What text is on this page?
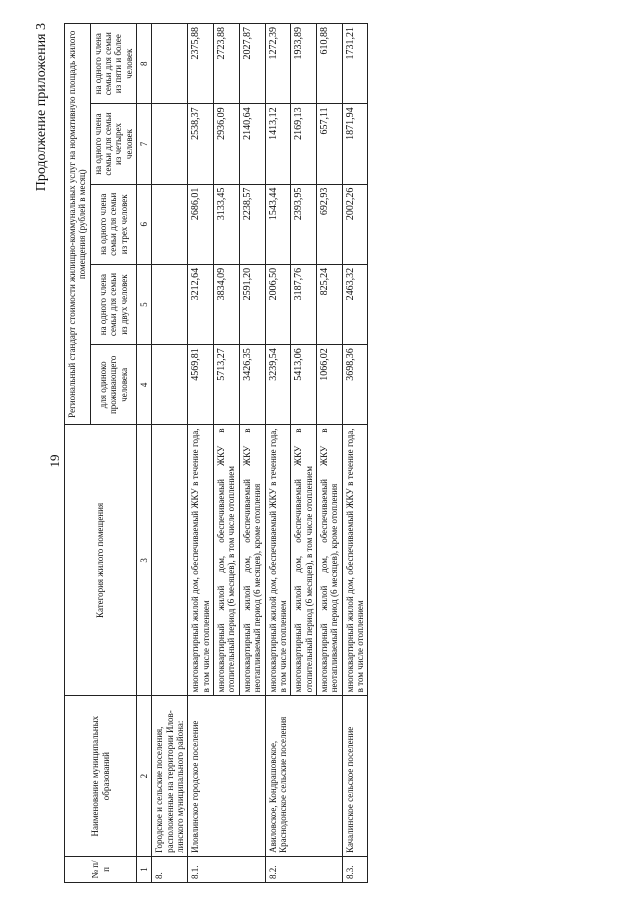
19
Продолжение приложения 3
№ п/п	Наименование муниципальных образований	Категория жилого помещения	Региональный стандарт стоимости жилищно-коммунальных услуг на нормативную площадь жилого помещения (рублей в месяц)				
			для одиноко проживающего человека	на одного члена семьи для семьи из двух человек	на одного члена семьи для семьи из трех человек	на одного члена семьи для семьи из четырех человек	на одного члена семьи для семьи из пяти и более человек
1	2	3	4	5	6	7	8
8.	Городское и сельские поселения, расположенные на территории Илов-линского муниципального района:						
8.1.	Иловлинское городское поселение	многоквартирный жилой дом, обеспечиваемый ЖКУ в течение года, в том числе отоплением	4569,81	3212,64	2686,01	2538,37	2375,88
		многоквартирный жилой дом, обеспечиваемый ЖКУ в отопительный период (6 месяцев), в том числе отоплением	5713,27	3834,09	3133,45	2936,09	2723,88
		многоквартирный жилой дом, обеспечиваемый ЖКУ в неотапливаемый период (6 месяцев), кроме отопления	3426,35	2591,20	2238,57	2140,64	2027,87
8.2.	Авиловское, Кондрашовское, Краснодонское сельские поселения	многоквартирный жилой дом, обеспечиваемый ЖКУ в течение года, в том числе отоплением	3239,54	2006,50	1543,44	1413,12	1272,39
		многоквартирный жилой дом, обеспечиваемый ЖКУ в отопительный период (6 месяцев), в том числе отоплением	5413,06	3187,76	2393,95	2169,13	1933,89
		многоквартирный жилой дом, обеспечиваемый ЖКУ в неотапливаемый период (6 месяцев), кроме отопления	1066,02	825,24	692,93	657,11	610,88
8.3.	Качалинское сельское поселение	многоквартирный жилой дом, обеспечиваемый ЖКУ в течение года, в том числе отоплением	3698,36	2463,32	2002,26	1871,94	1731,21
